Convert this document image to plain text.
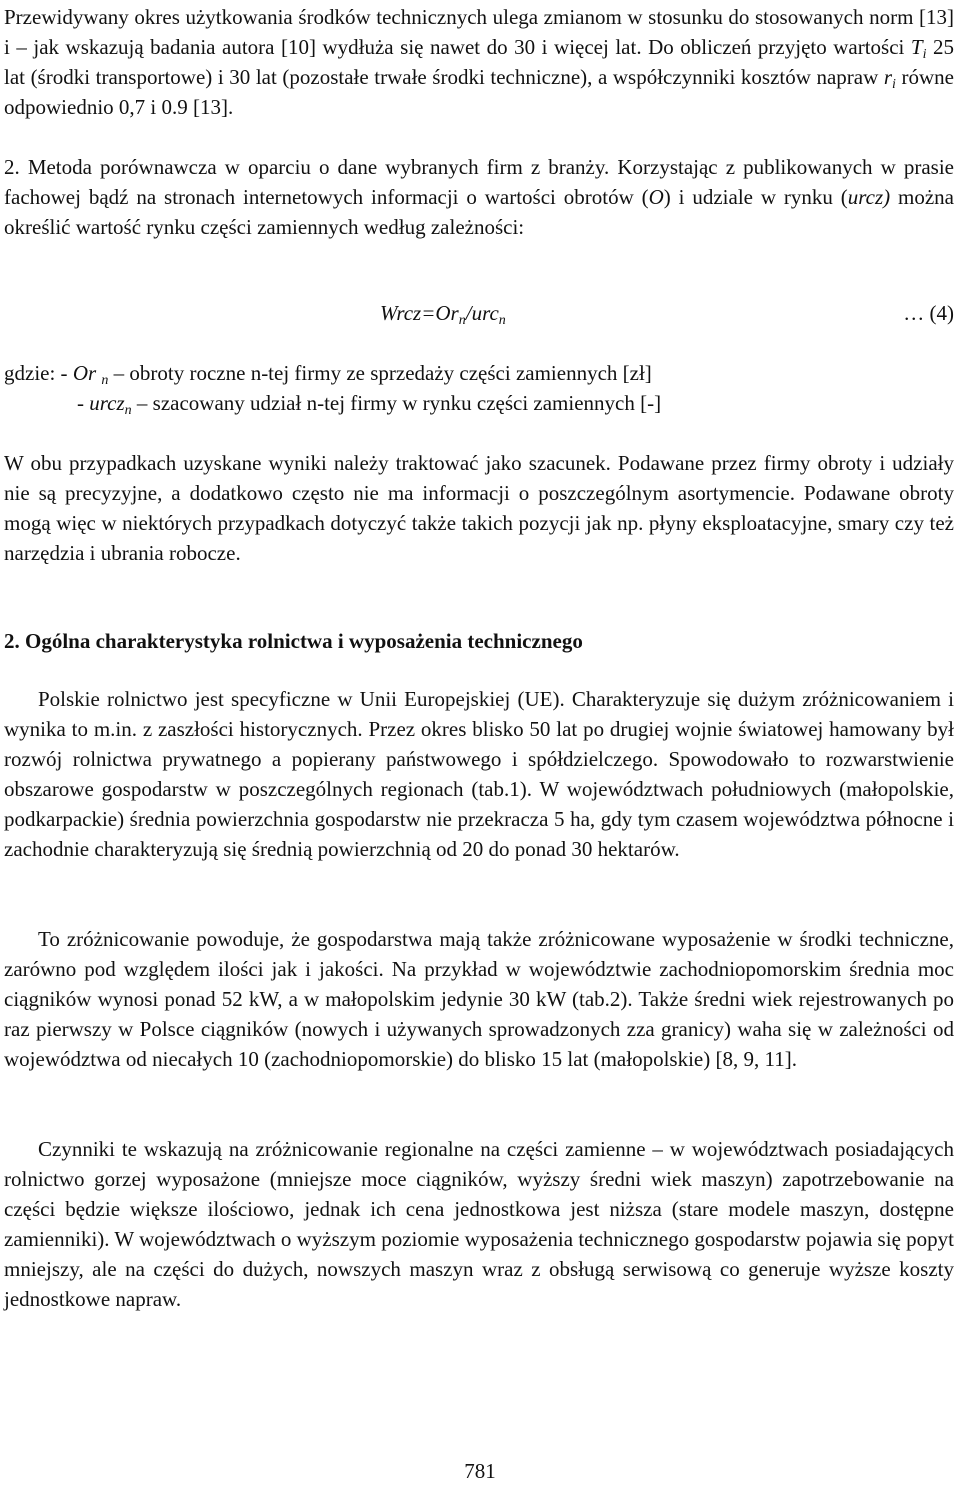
Przewidywany okres użytkowania środków technicznych ulega zmianom w stosunku do stosowanych norm [13] i – jak wskazują badania autora [10] wydłuża się nawet do 30 i więcej lat. Do obliczeń przyjęto wartości $T_i$ 25 lat (środki transportowe) i 30 lat (pozostałe trwałe środki techniczne), a współczynniki kosztów napraw $r_i$ równe odpowiednio 0,7 i 0.9 [13].

2. Metoda porównawcza w oparciu o dane wybranych firm z branży. Korzystając z publikowanych w prasie fachowej bądź na stronach internetowych informacji o wartości obrotów (O) i udziale w rynku (urcz) można określić wartość rynku części zamiennych według zależności:

$Wrcz=Or_n/urc_n$	… (4)
gdzie: - Or $_n$ – obroty roczne n-tej firmy ze sprzedaży części zamiennych [zł]
- urcz$_n$ – szacowany udział n-tej firmy w rynku części zamiennych [-]

W obu przypadkach uzyskane wyniki należy traktować jako szacunek. Podawane przez firmy obroty i udziały nie są precyzyjne, a dodatkowo często nie ma informacji o poszczególnym asortymencie. Podawane obroty mogą więc w niektórych przypadkach dotyczyć także takich pozycji jak np. płyny eksploatacyjne, smary czy też narzędzia i ubrania robocze.

2. Ogólna charakterystyka rolnictwa i wyposażenia technicznego

Polskie rolnictwo jest specyficzne w Unii Europejskiej (UE). Charakteryzuje się dużym zróżnicowaniem i wynika to m.in. z zaszłości historycznych. Przez okres blisko 50 lat po drugiej wojnie światowej hamowany był rozwój rolnictwa prywatnego a popierany państwowego i spółdzielczego. Spowodowało to rozwarstwienie obszarowe gospodarstw w poszczególnych regionach (tab.1). W województwach południowych (małopolskie, podkarpackie) średnia powierzchnia gospodarstw nie przekracza 5 ha, gdy tym czasem województwa północne i zachodnie charakteryzują się średnią powierzchnią od 20 do ponad 30 hektarów.

To zróżnicowanie powoduje, że gospodarstwa mają także zróżnicowane wyposażenie w środki techniczne, zarówno pod względem ilości jak i jakości. Na przykład w województwie zachodniopomorskim średnia moc ciągników wynosi ponad 52 kW, a w małopolskim jedynie 30 kW (tab.2). Także średni wiek rejestrowanych po raz pierwszy w Polsce ciągników (nowych i używanych sprowadzonych zza granicy) waha się w zależności od województwa od niecałych 10 (zachodniopomorskie) do blisko 15 lat (małopolskie) [8, 9, 11].

Czynniki te wskazują na zróżnicowanie regionalne na części zamienne – w województwach posiadających rolnictwo gorzej wyposażone (mniejsze moce ciągników, wyższy średni wiek maszyn) zapotrzebowanie na części będzie większe ilościowo, jednak ich cena jednostkowa jest niższa (stare modele maszyn, dostępne zamienniki). W województwach o wyższym poziomie wyposażenia technicznego gospodarstw pojawia się popyt mniejszy, ale na części do dużych, nowszych maszyn wraz z obsługą serwisową co generuje wyższe koszty jednostkowe napraw.

781
